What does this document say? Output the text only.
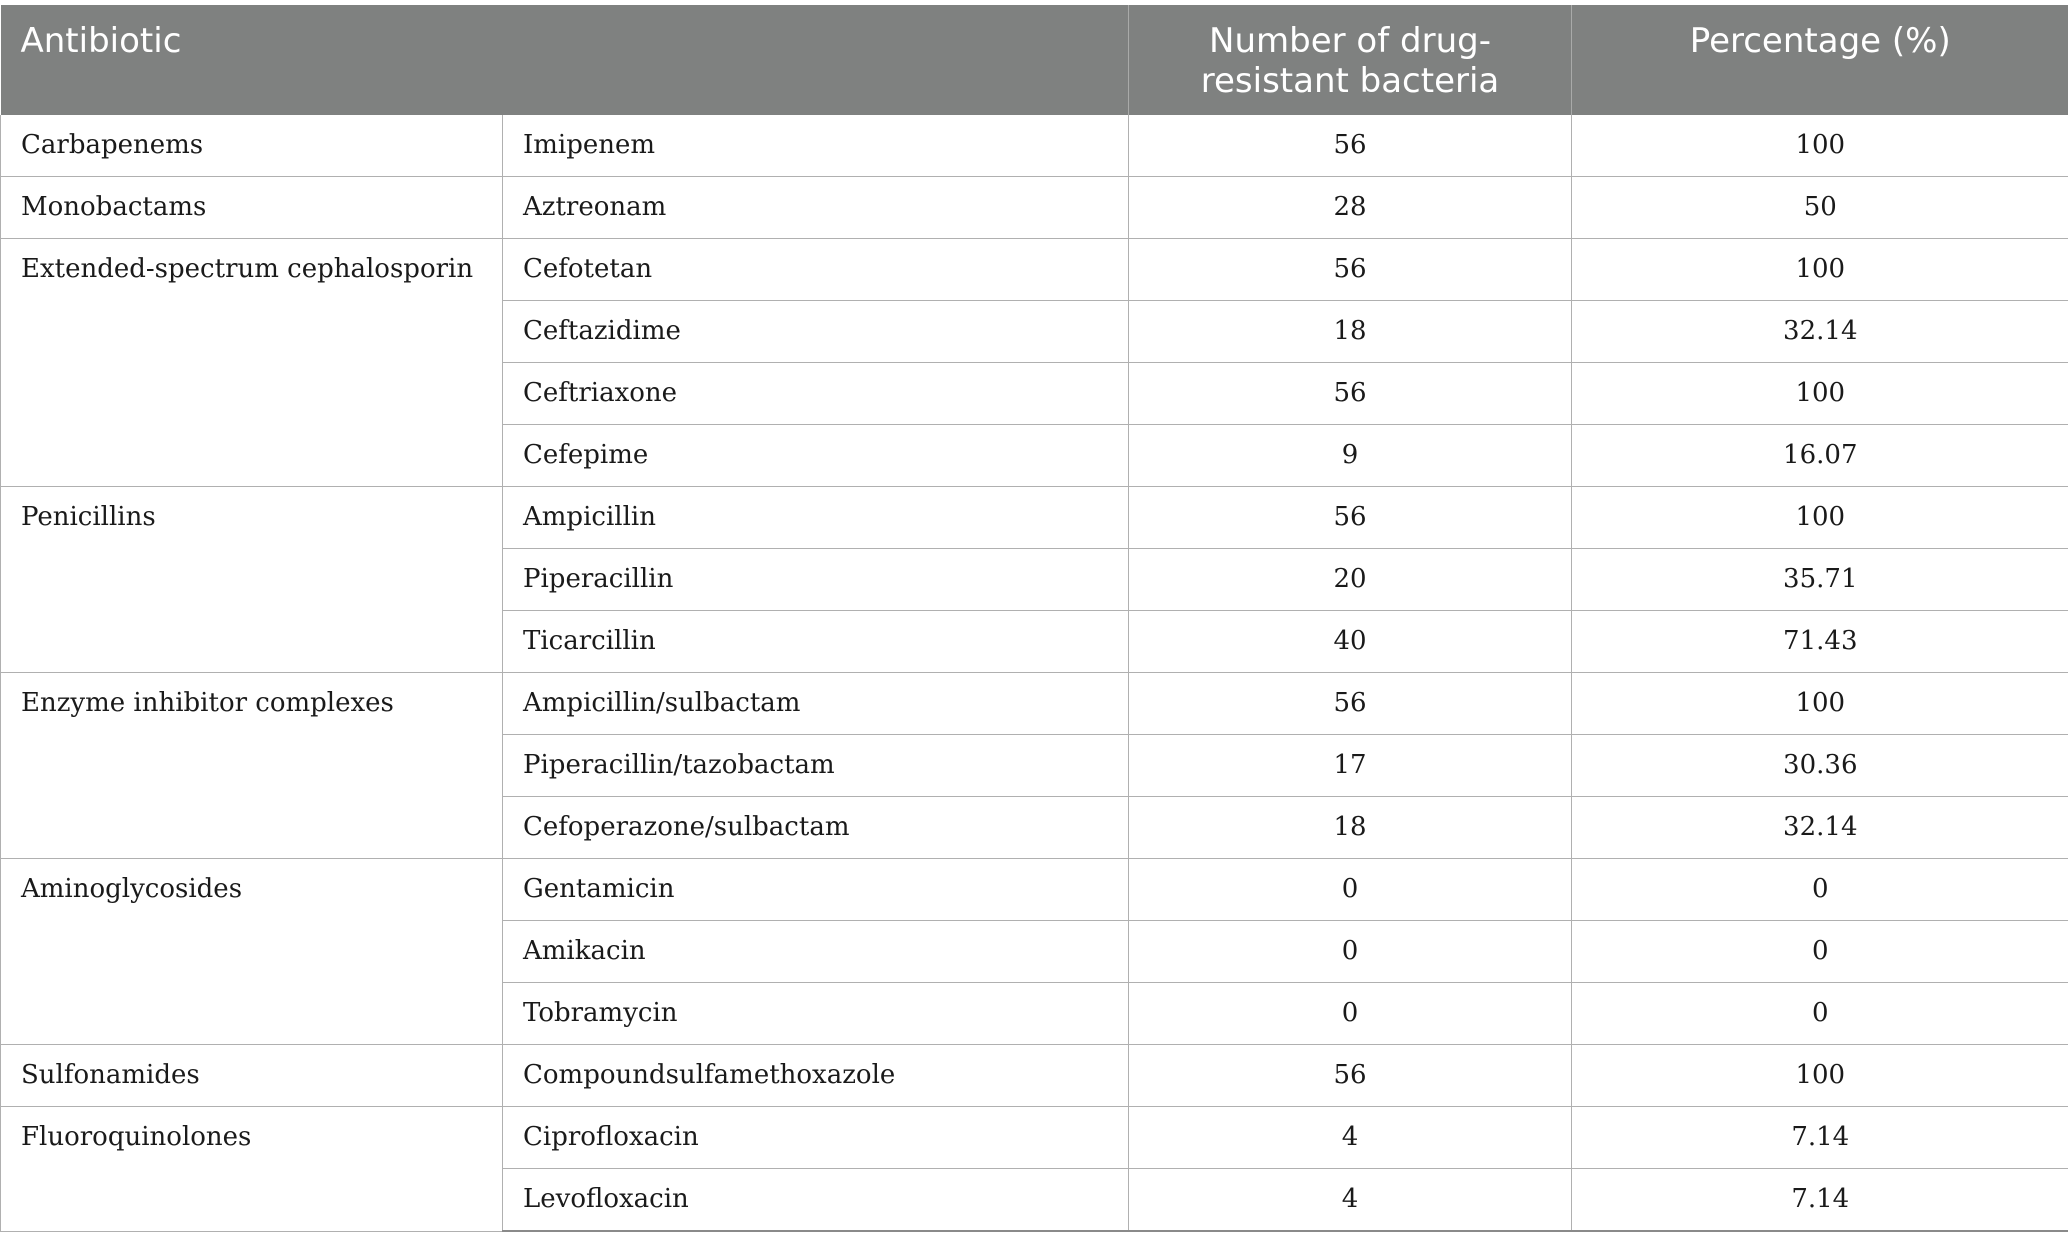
Antibiotic		Number of drug-resistant bacteria	Percentage (%)
Carbapenems	Imipenem	56	100
Monobactams	Aztreonam	28	50
Extended-spectrum cephalosporin	Cefotetan	56	100
	Ceftazidime	18	32.14
	Ceftriaxone	56	100
	Cefepime	9	16.07
Penicillins	Ampicillin	56	100
	Piperacillin	20	35.71
	Ticarcillin	40	71.43
Enzyme inhibitor complexes	Ampicillin/sulbactam	56	100
	Piperacillin/tazobactam	17	30.36
	Cefoperazone/sulbactam	18	32.14
Aminoglycosides	Gentamicin	0	0
	Amikacin	0	0
	Tobramycin	0	0
Sulfonamides	Compoundsulfamethoxazole	56	100
Fluoroquinolones	Ciprofloxacin	4	7.14
	Levofloxacin	4	7.14
